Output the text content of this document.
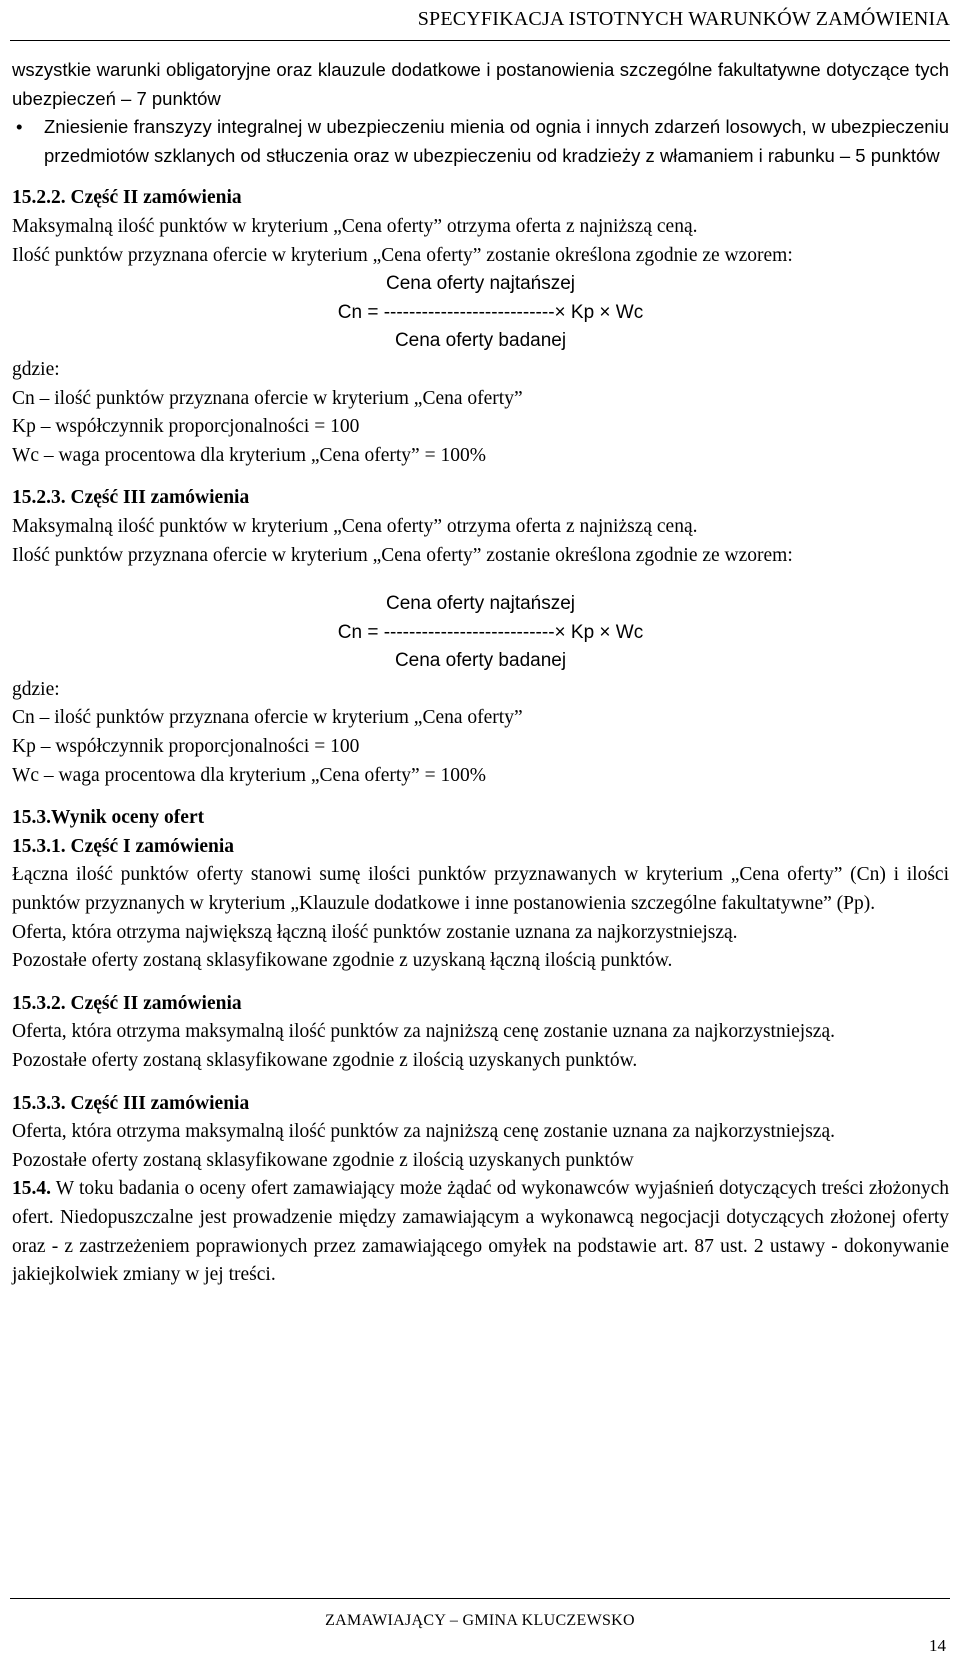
SPECYFIKACJA ISTOTNYCH WARUNKÓW ZAMÓWIENIA

wszystkie warunki obligatoryjne oraz klauzule dodatkowe i postanowienia szczególne fakultatywne dotyczące tych ubezpieczeń – 7 punktów

•	Zniesienie franszyzy integralnej w ubezpieczeniu mienia od ognia i innych zdarzeń losowych, w ubezpieczeniu przedmiotów szklanych od stłuczenia oraz w ubezpieczeniu od kradzieży z włamaniem i rabunku – 5 punktów

15.2.2. Część II zamówienia

Maksymalną ilość punktów w kryterium „Cena oferty” otrzyma oferta z najniższą ceną.

Ilość punktów przyznana ofercie w kryterium „Cena oferty” zostanie określona zgodnie ze wzorem:

Cena oferty najtańszej
Cn = ---------------------------× Kp × Wc
Cena oferty badanej

gdzie:

Cn – ilość punktów przyznana ofercie w kryterium „Cena oferty”

Kp – współczynnik proporcjonalności = 100

Wc – waga procentowa dla kryterium „Cena oferty” = 100%

15.2.3. Część III zamówienia

Maksymalną ilość punktów w kryterium „Cena oferty” otrzyma oferta z najniższą ceną.

Ilość punktów przyznana ofercie w kryterium „Cena oferty” zostanie określona zgodnie ze wzorem:

Cena oferty najtańszej
Cn = ---------------------------× Kp × Wc
Cena oferty badanej

gdzie:

Cn – ilość punktów przyznana ofercie w kryterium „Cena oferty”

Kp – współczynnik proporcjonalności = 100

Wc – waga procentowa dla kryterium „Cena oferty” = 100%

15.3.Wynik oceny ofert

15.3.1. Część I zamówienia

Łączna ilość punktów oferty stanowi sumę ilości punktów przyznawanych w kryterium „Cena oferty” (Cn) i ilości punktów przyznanych w kryterium „Klauzule dodatkowe i inne postanowienia szczególne fakultatywne” (Pp).

Oferta, która otrzyma największą łączną ilość punktów zostanie uznana za najkorzystniejszą.

Pozostałe oferty zostaną sklasyfikowane zgodnie z uzyskaną łączną ilością punktów.

15.3.2. Część II zamówienia

Oferta, która otrzyma maksymalną ilość punktów za najniższą cenę zostanie uznana za najkorzystniejszą.

Pozostałe oferty zostaną sklasyfikowane zgodnie z ilością uzyskanych punktów.

15.3.3. Część III zamówienia

Oferta, która otrzyma maksymalną ilość punktów za najniższą cenę zostanie uznana za najkorzystniejszą.

Pozostałe oferty zostaną sklasyfikowane zgodnie z ilością uzyskanych punktów

15.4. W toku badania o oceny ofert zamawiający może żądać od wykonawców wyjaśnień dotyczących treści złożonych ofert. Niedopuszczalne jest prowadzenie między zamawiającym a wykonawcą negocjacji dotyczących złożonej oferty oraz - z zastrzeżeniem poprawionych przez zamawiającego omyłek na podstawie art. 87 ust. 2 ustawy - dokonywanie jakiejkolwiek zmiany w jej treści.

ZAMAWIAJĄCY – GMINA KLUCZEWSKO
14
